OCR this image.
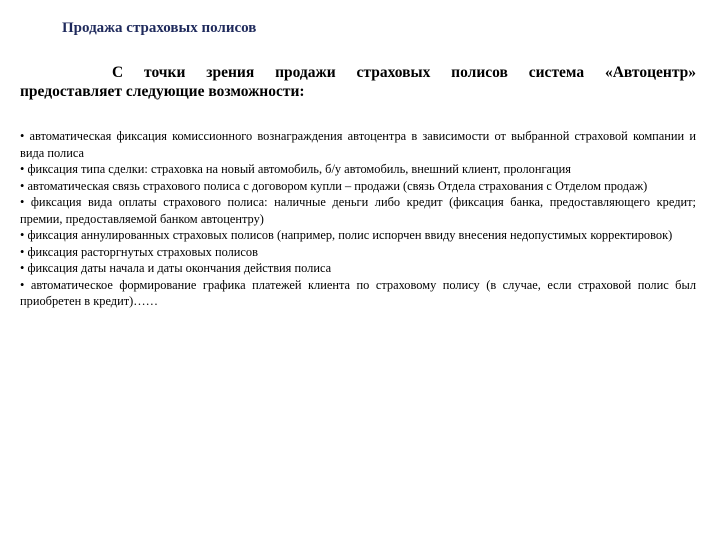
Продажа страховых полисов

С точки зрения продажи страховых полисов система «Автоцентр»
предоставляет следующие возможности:

• автоматическая фиксация комиссионного вознаграждения автоцентра в зависимости от выбранной страховой компании и вида полиса
• фиксация типа сделки: страховка на новый автомобиль, б/у автомобиль, внешний клиент, пролонгация
• автоматическая связь страхового полиса с договором купли – продажи (связь Отдела страхования с Отделом продаж)
• фиксация вида оплаты страхового полиса: наличные деньги либо кредит (фиксация банка, предоставляющего кредит; премии, предоставляемой банком автоцентру)
• фиксация аннулированных страховых полисов (например, полис испорчен ввиду внесения недопустимых корректировок)
• фиксация расторгнутых страховых полисов
• фиксация даты начала и даты окончания действия полиса
• автоматическое формирование графика платежей клиента по страховому полису (в случае, если страховой полис был приобретен в кредит)……
